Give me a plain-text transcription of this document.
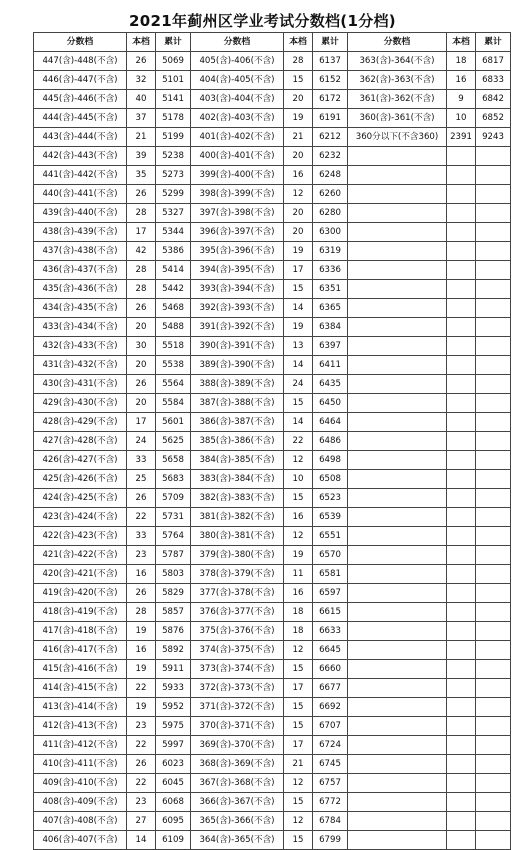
2021年蓟州区学业考试分数档(1分档)
分数档	本档	累计	分数档	本档	累计	分数档	本档	累计
447(含)-448(不含)	26	5069	405(含)-406(不含)	28	6137	363(含)-364(不含)	18	6817
446(含)-447(不含)	32	5101	404(含)-405(不含)	15	6152	362(含)-363(不含)	16	6833
445(含)-446(不含)	40	5141	403(含)-404(不含)	20	6172	361(含)-362(不含)	9	6842
444(含)-445(不含)	37	5178	402(含)-403(不含)	19	6191	360(含)-361(不含)	10	6852
443(含)-444(不含)	21	5199	401(含)-402(不含)	21	6212	360分以下(不含360)	2391	9243
442(含)-443(不含)	39	5238	400(含)-401(不含)	20	6232			
441(含)-442(不含)	35	5273	399(含)-400(不含)	16	6248			
440(含)-441(不含)	26	5299	398(含)-399(不含)	12	6260			
439(含)-440(不含)	28	5327	397(含)-398(不含)	20	6280			
438(含)-439(不含)	17	5344	396(含)-397(不含)	20	6300			
437(含)-438(不含)	42	5386	395(含)-396(不含)	19	6319			
436(含)-437(不含)	28	5414	394(含)-395(不含)	17	6336			
435(含)-436(不含)	28	5442	393(含)-394(不含)	15	6351			
434(含)-435(不含)	26	5468	392(含)-393(不含)	14	6365			
433(含)-434(不含)	20	5488	391(含)-392(不含)	19	6384			
432(含)-433(不含)	30	5518	390(含)-391(不含)	13	6397			
431(含)-432(不含)	20	5538	389(含)-390(不含)	14	6411			
430(含)-431(不含)	26	5564	388(含)-389(不含)	24	6435			
429(含)-430(不含)	20	5584	387(含)-388(不含)	15	6450			
428(含)-429(不含)	17	5601	386(含)-387(不含)	14	6464			
427(含)-428(不含)	24	5625	385(含)-386(不含)	22	6486			
426(含)-427(不含)	33	5658	384(含)-385(不含)	12	6498			
425(含)-426(不含)	25	5683	383(含)-384(不含)	10	6508			
424(含)-425(不含)	26	5709	382(含)-383(不含)	15	6523			
423(含)-424(不含)	22	5731	381(含)-382(不含)	16	6539			
422(含)-423(不含)	33	5764	380(含)-381(不含)	12	6551			
421(含)-422(不含)	23	5787	379(含)-380(不含)	19	6570			
420(含)-421(不含)	16	5803	378(含)-379(不含)	11	6581			
419(含)-420(不含)	26	5829	377(含)-378(不含)	16	6597			
418(含)-419(不含)	28	5857	376(含)-377(不含)	18	6615			
417(含)-418(不含)	19	5876	375(含)-376(不含)	18	6633			
416(含)-417(不含)	16	5892	374(含)-375(不含)	12	6645			
415(含)-416(不含)	19	5911	373(含)-374(不含)	15	6660			
414(含)-415(不含)	22	5933	372(含)-373(不含)	17	6677			
413(含)-414(不含)	19	5952	371(含)-372(不含)	15	6692			
412(含)-413(不含)	23	5975	370(含)-371(不含)	15	6707			
411(含)-412(不含)	22	5997	369(含)-370(不含)	17	6724			
410(含)-411(不含)	26	6023	368(含)-369(不含)	21	6745			
409(含)-410(不含)	22	6045	367(含)-368(不含)	12	6757			
408(含)-409(不含)	23	6068	366(含)-367(不含)	15	6772			
407(含)-408(不含)	27	6095	365(含)-366(不含)	12	6784			
406(含)-407(不含)	14	6109	364(含)-365(不含)	15	6799			
